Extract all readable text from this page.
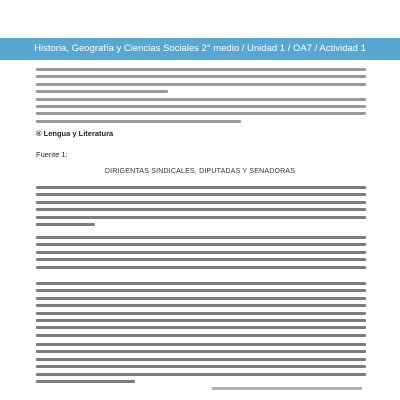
Historia, Geografía y Ciencias Sociales 2° medio / Unidad 1 / OA7 / Actividad 1
® Lengua y Literatura
Fuente 1:
DIRIGENTAS SINDICALES, DIPUTADAS Y SENADORAS
